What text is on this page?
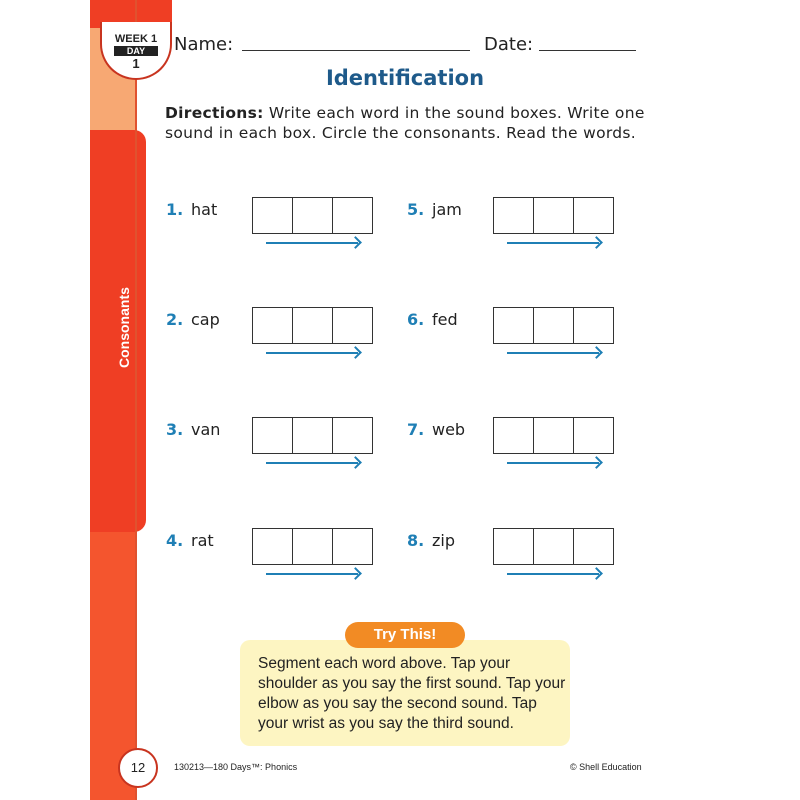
Consonants
WEEK 1
DAY
1
Name:	Date:
Identification
Directions: Write each word in the sound boxes. Write one sound in each box. Circle the consonants. Read the words.
1. hat
2. cap
3. van
4. rat
5. jam
6. fed
7. web
8. zip

Segment each word above. Tap your shoulder as you say the first sound. Tap your elbow as you say the second sound. Tap your wrist as you say the third sound.

Try This!
12	130213—180 Days™: Phonics	© Shell Education
